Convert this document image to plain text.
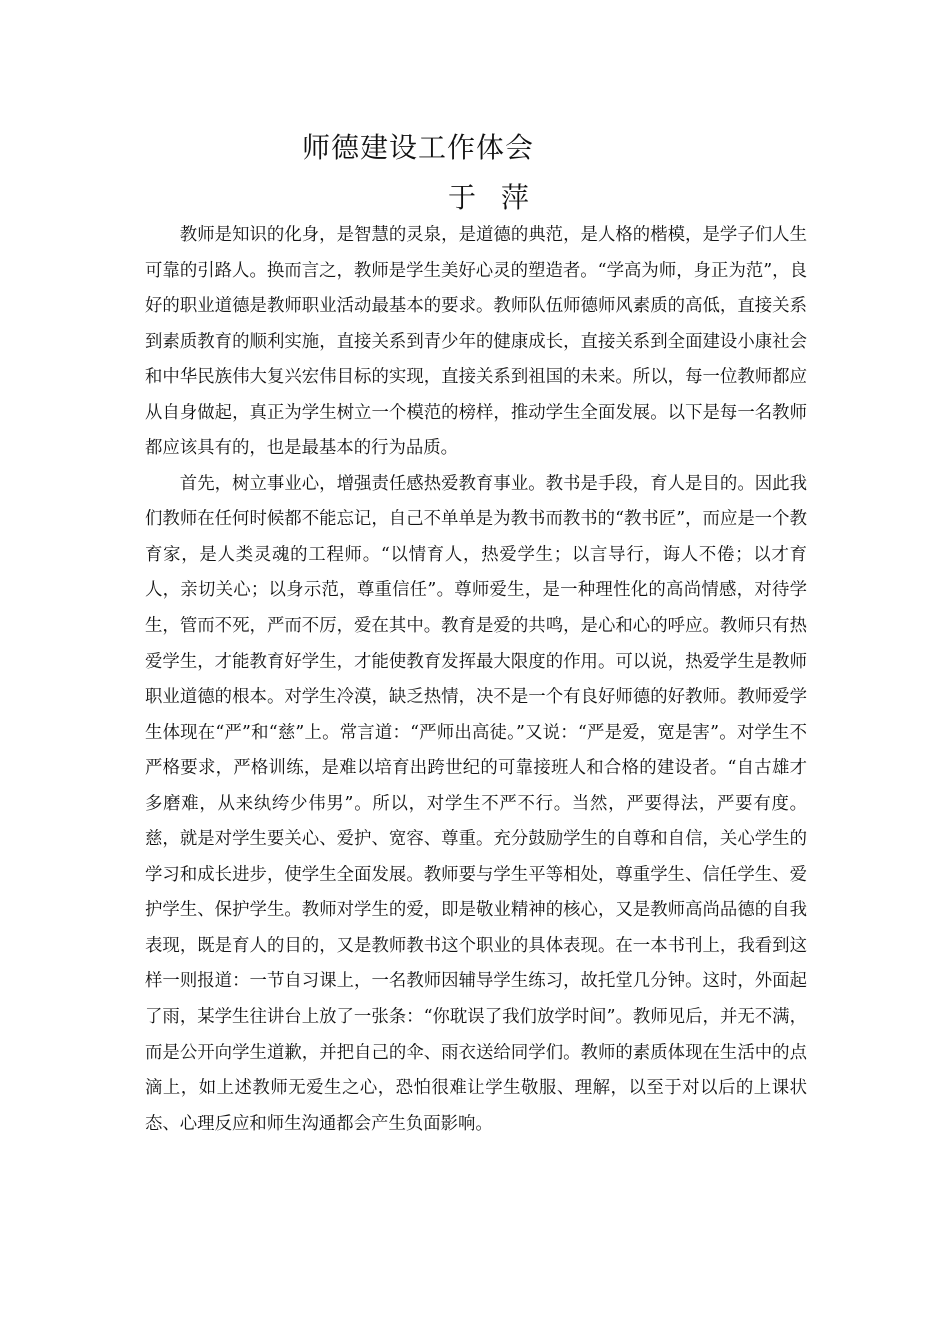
师德建设工作体会
于 萍

教师是知识的化身，是智慧的灵泉，是道德的典范，是人格的楷模，是学子们人生可靠的引路人。换而言之，教师是学生美好心灵的塑造者。“学高为师，身正为范”，良好的职业道德是教师职业活动最基本的要求。教师队伍师德师风素质的高低，直接关系到素质教育的顺利实施，直接关系到青少年的健康成长，直接关系到全面建设小康社会和中华民族伟大复兴宏伟目标的实现，直接关系到祖国的未来。所以，每一位教师都应从自身做起，真正为学生树立一个模范的榜样，推动学生全面发展。以下是每一名教师都应该具有的，也是最基本的行为品质。

首先，树立事业心，增强责任感热爱教育事业。教书是手段，育人是目的。因此我们教师在任何时候都不能忘记，自己不单单是为教书而教书的“教书匠”，而应是一个教育家，是人类灵魂的工程师。“以情育人，热爱学生；以言导行，诲人不倦；以才育人，亲切关心；以身示范，尊重信任”。尊师爱生，是一种理性化的高尚情感，对待学生，管而不死，严而不厉，爱在其中。教育是爱的共鸣，是心和心的呼应。教师只有热爱学生，才能教育好学生，才能使教育发挥最大限度的作用。可以说，热爱学生是教师职业道德的根本。对学生冷漠，缺乏热情，决不是一个有良好师德的好教师。教师爱学生体现在“严”和“慈”上。常言道：“严师出高徒。”又说：“严是爱，宽是害”。对学生不严格要求，严格训练，是难以培育出跨世纪的可靠接班人和合格的建设者。“自古雄才多磨难，从来纨绔少伟男”。所以，对学生不严不行。当然，严要得法，严要有度。慈，就是对学生要关心、爱护、宽容、尊重。充分鼓励学生的自尊和自信，关心学生的学习和成长进步，使学生全面发展。教师要与学生平等相处，尊重学生、信任学生、爱护学生、保护学生。教师对学生的爱，即是敬业精神的核心，又是教师高尚品德的自我表现，既是育人的目的，又是教师教书这个职业的具体表现。在一本书刊上，我看到这样一则报道：一节自习课上，一名教师因辅导学生练习，故托堂几分钟。这时，外面起了雨，某学生往讲台上放了一张条：“你耽误了我们放学时间”。教师见后，并无不满，而是公开向学生道歉，并把自己的伞、雨衣送给同学们。教师的素质体现在生活中的点滴上，如上述教师无爱生之心，恐怕很难让学生敬服、理解，以至于对以后的上课状态、心理反应和师生沟通都会产生负面影响。
